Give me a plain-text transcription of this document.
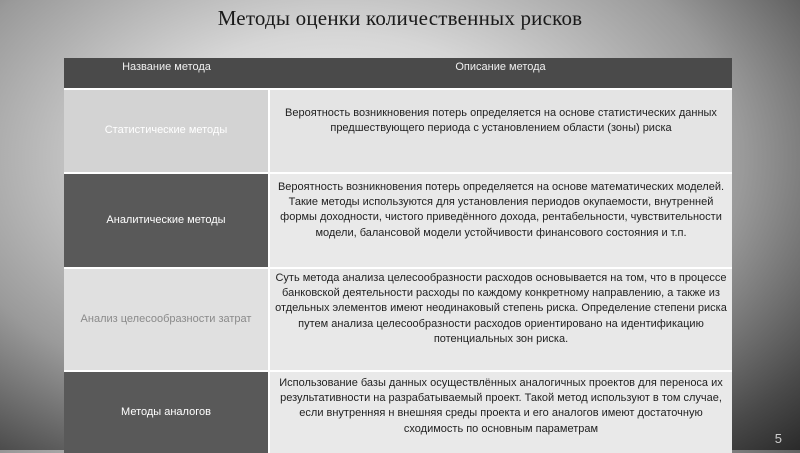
Методы оценки количественных рисков
Название метода	Описание метода
Статистические методы	Вероятность возникновения потерь определяется на основе статистических данных предшествующего периода с установлением области (зоны) риска
Аналитические методы	Вероятность возникновения потерь определяется на основе математических моделей. Такие методы используются для установления периодов окупаемости, внутренней формы доходности, чистого приведённого дохода, рентабельности, чувствительности модели, балансовой модели устойчивости финансового состояния и т.п.
Анализ целесообразности затрат	Суть метода анализа целесообразности расходов основывается на том, что в процессе банковской деятельности расходы по каждому конкретному направлению, а также из отдельных элементов имеют неодинаковый степень риска. Определение степени риска путем анализа целесообразности расходов ориентировано на идентификацию потенциальных зон риска.
Методы аналогов	Использование базы данных осуществлённых аналогичных проектов для переноса их результативности на разрабатываемый проект. Такой метод используют в том случае, если внутренняя н внешняя среды проекта и его аналогов имеют достаточную сходимость по основным параметрам
5
